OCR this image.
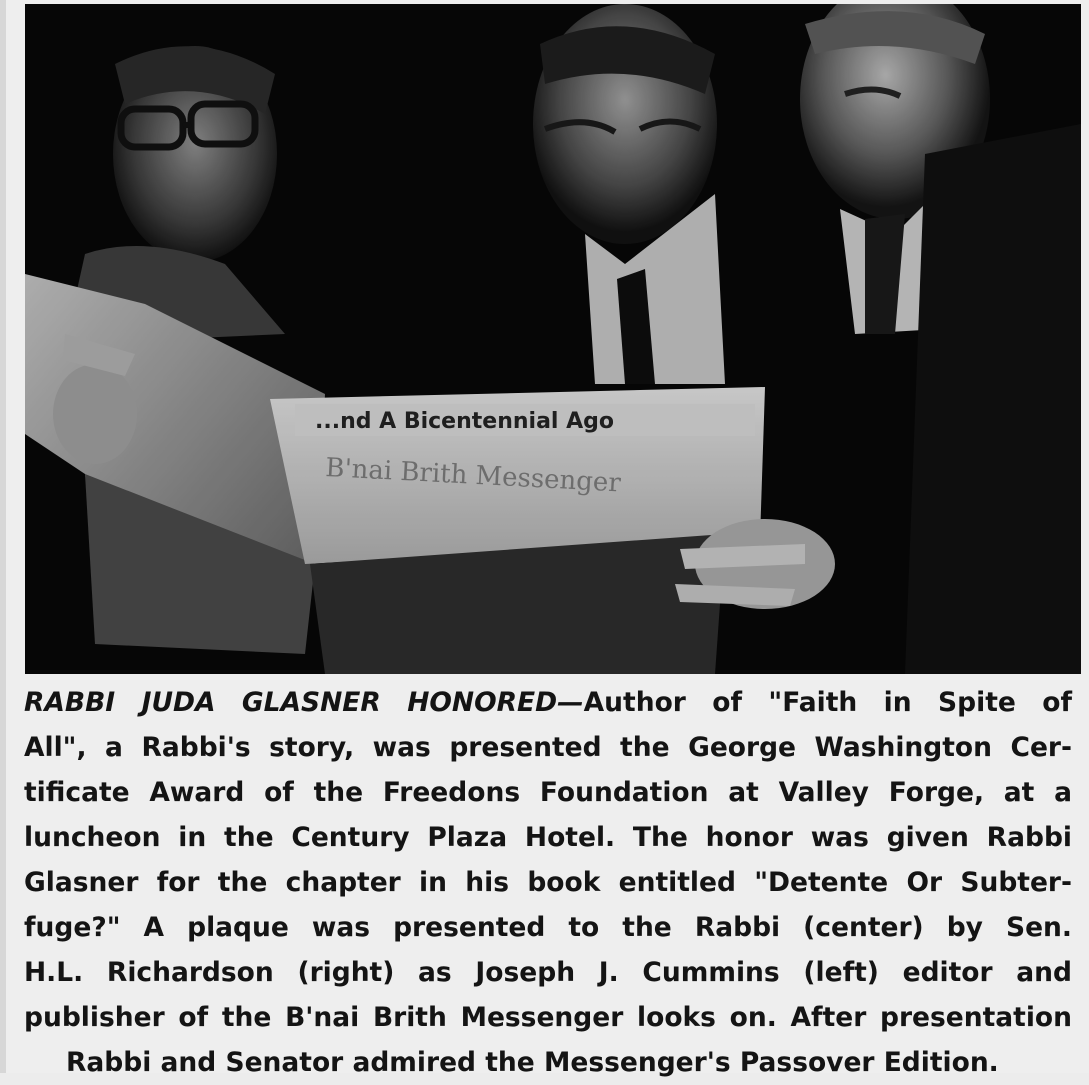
...nd A Bicentennial Ago
B'nai Brith Messenger
RABBI JUDA GLASNER HONORED—Author of "Faith in Spite of
All", a Rabbi's story, was presented the George Washington Cer-
tificate Award of the Freedons Foundation at Valley Forge, at a
luncheon in the Century Plaza Hotel. The honor was given Rabbi
Glasner for the chapter in his book entitled "Detente Or Subter-
fuge?" A plaque was presented to the Rabbi (center) by Sen.
H.L. Richardson (right) as Joseph J. Cummins (left) editor and
publisher of the B'nai Brith Messenger looks on. After presentation
Rabbi and Senator admired the Messenger's Passover Edition.
